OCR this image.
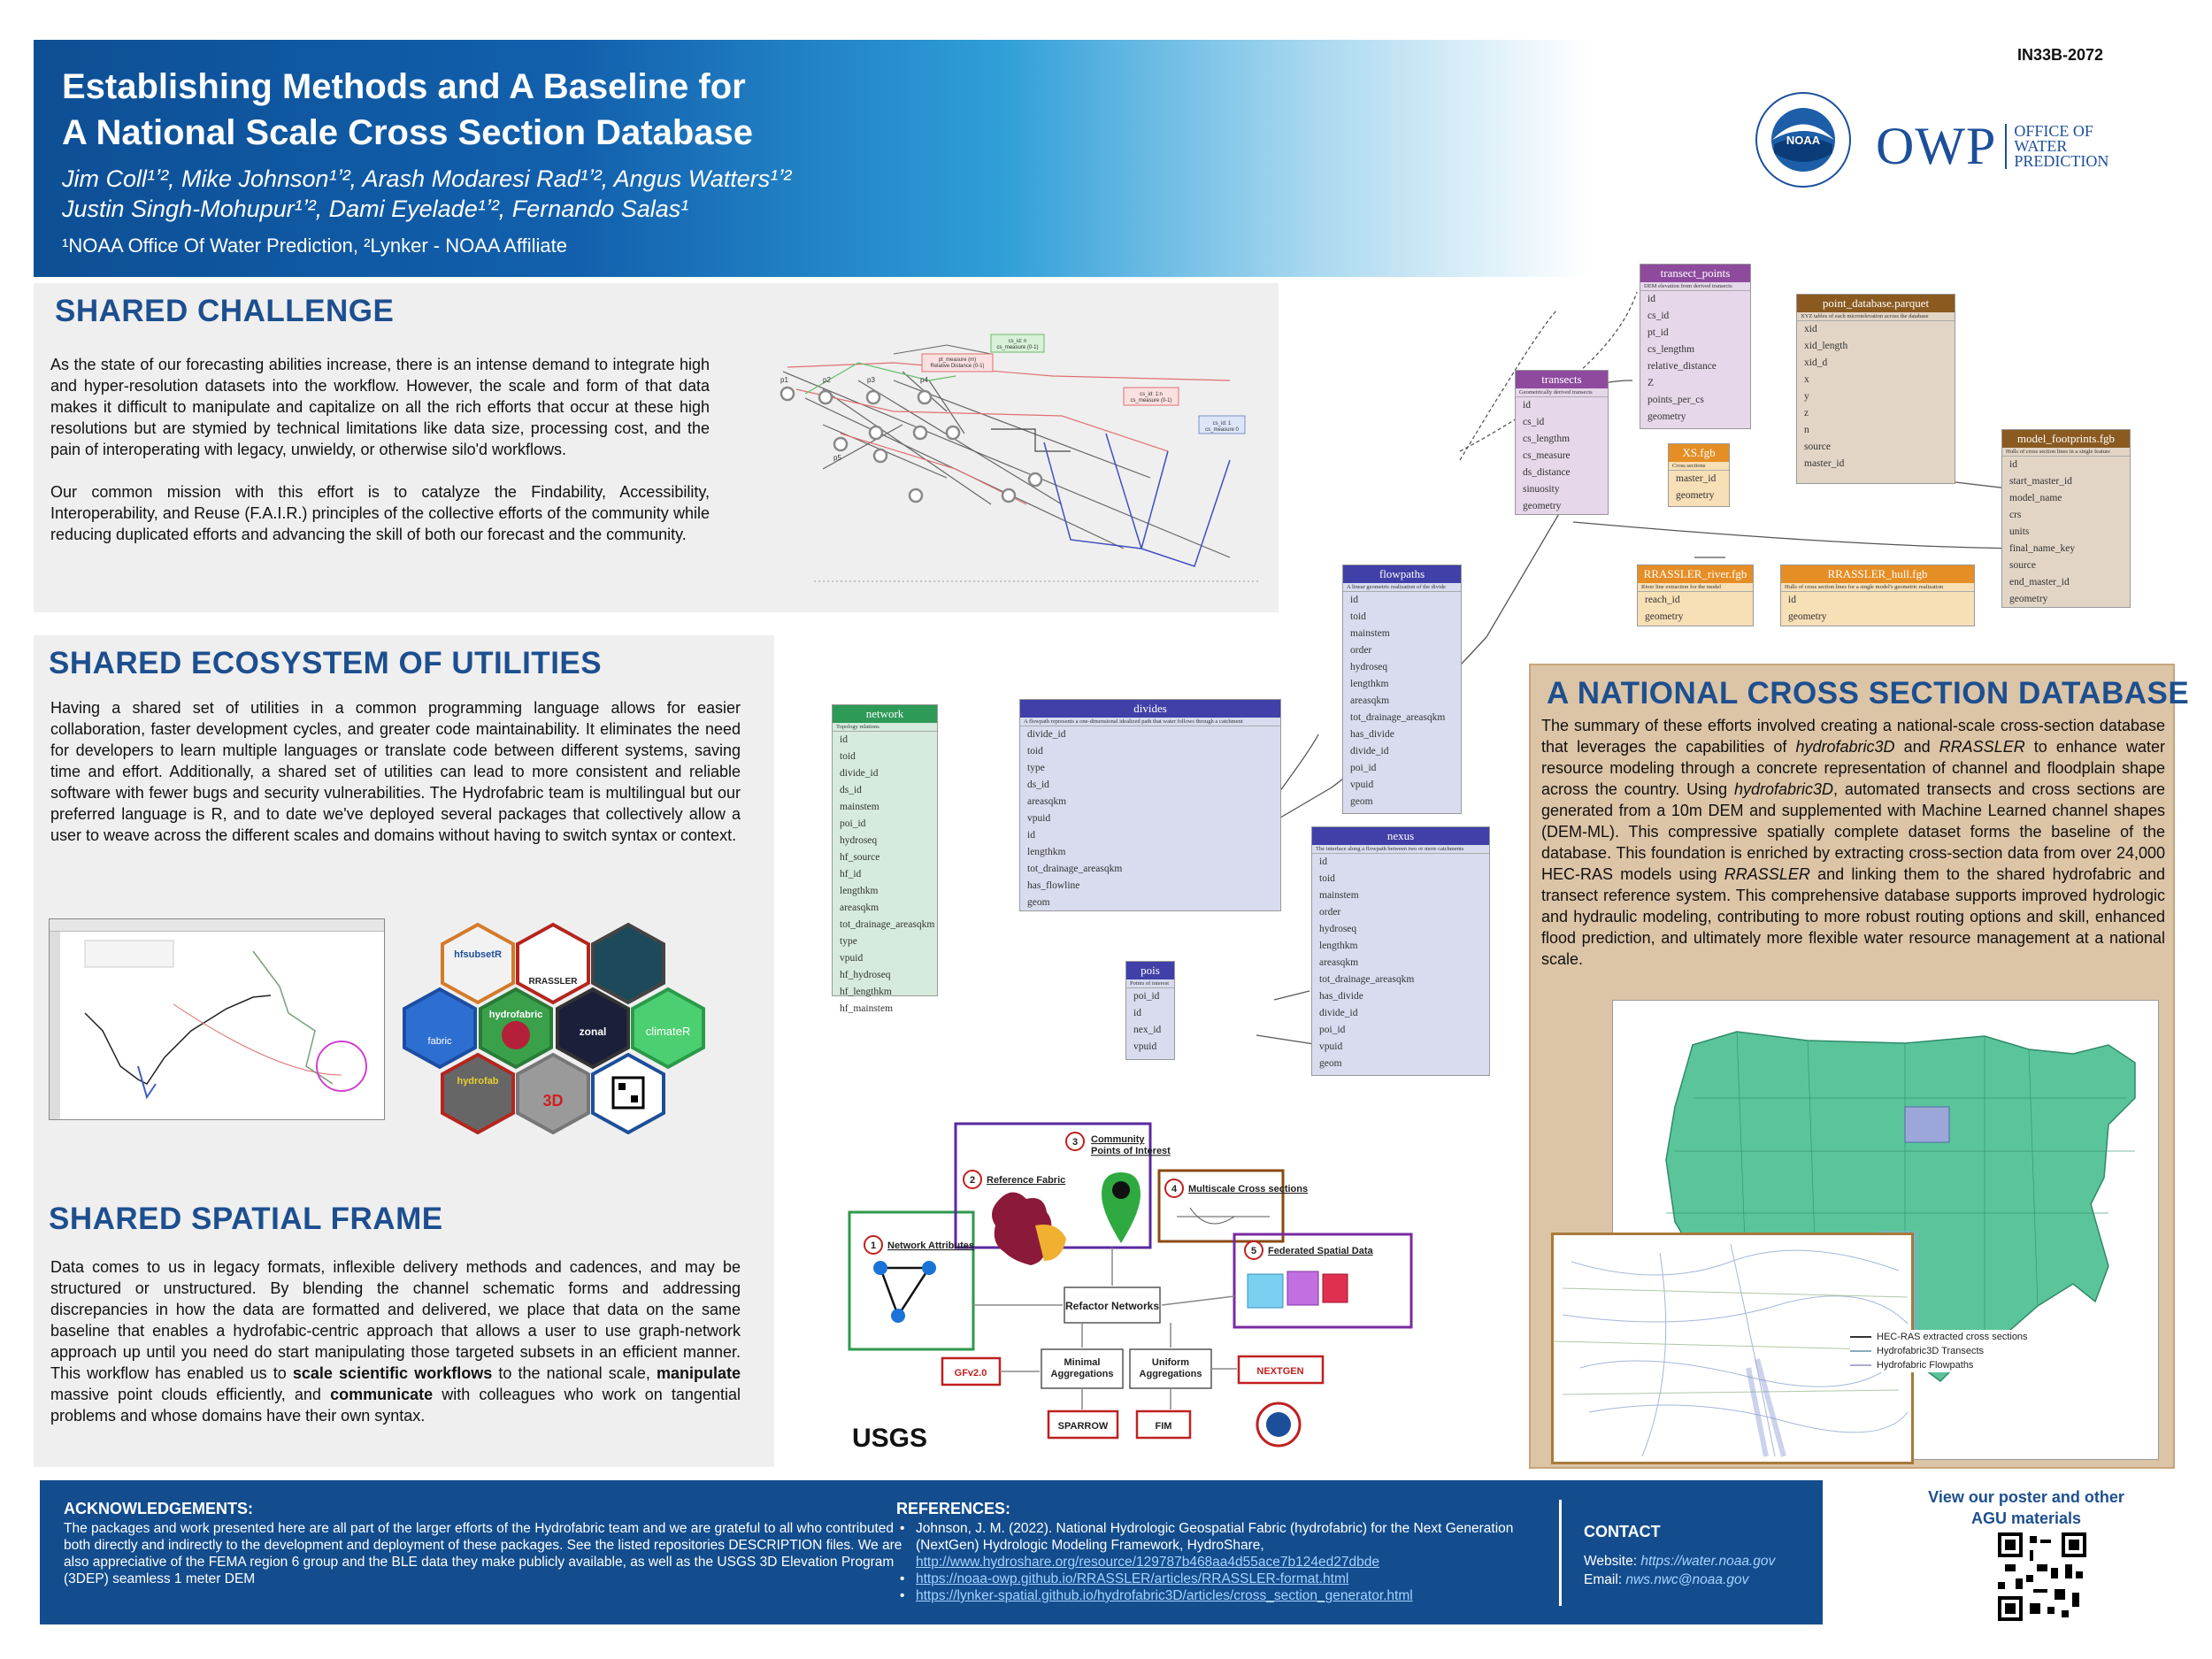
Establishing Methods and A Baseline for
A National Scale Cross Section Database
Jim Coll¹ʼ², Mike Johnson¹ʼ², Arash Modaresi Rad¹ʼ², Angus Watters¹ʼ²
Justin Singh-Mohupur¹ʼ², Dami Eyelade¹ʼ², Fernando Salas¹
¹NOAA Office Of Water Prediction, ²Lynker - NOAA Affiliate
IN33B-2072
NOAA OWP OFFICE OF
WATER
PREDICTION
SHARED CHALLENGE

As the state of our forecasting abilities increase, there is an intense demand to integrate high and hyper-resolution datasets into the workflow. However, the scale and form of that data makes it difficult to manipulate and capitalize on all the rich efforts that occur at these high resolutions but are stymied by technical limitations like data size, processing cost, and the pain of interoperating with legacy, unwieldy, or otherwise silo'd workflows.

Our common mission with this effort is to catalyze the Findability, Accessibility, Interoperability, and Reuse (F.A.I.R.) principles of the collective efforts of the community while reducing duplicated efforts and advancing the skill of both our forecast and the community.

p1	p2	p3	p4
p5
pt_measure (m) Relative Distance (0-1)
cs_id: n cs_measure (0-1)
cs_id: 1:n cs_measure (0-1)
cs_id: 1 cs_measure 0
SHARED ECOSYSTEM OF UTILITIES

Having a shared set of utilities in a common programming language allows for easier collaboration, faster development cycles, and greater code maintainability. It eliminates the need for developers to learn multiple languages or translate code between different systems, saving time and effort. Additionally, a shared set of utilities can lead to more consistent and reliable software with fewer bugs and security vulnerabilities. The Hydrofabric team is multilingual but our preferred language is R, and to date we've deployed several packages that collectively allow a user to weave across the different scales and domains without having to switch syntax or context.

hfsubsetR
RRASSLER
fabric
hydrofabric
zonal	climateR
hydrofab
3D
SHARED SPATIAL FRAME

Data comes to us in legacy formats, inflexible delivery methods and cadences, and may be structured or unstructured. By blending the channel schematic forms and addressing discrepancies in how the data are formatted and delivered, we place that data on the same baseline that enables a hydrofabic-centric approach that allows a user to use graph-network approach up until you need do start manipulating those targeted subsets in an efficient manner. This workflow has enabled us to scale scientific workflows to the national scale, manipulate massive point clouds efficiently, and communicate with colleagues who work on tangential problems and whose domains have their own syntax.

transect_points
DEM elevation from derived transects
id
cs_id
pt_id
cs_lengthm
relative_distance
Z
points_per_cs
geometry
point_database.parquet
XYZ tables of each microtelevation across the database
xid
xid_length
xid_d
x
y
z
n
source
master_id
transects
Geometrically derived transects
id
cs_id
cs_lengthm
cs_measure
ds_distance
sinuosity
geometry
XS.fgb
Cross sections
master_id
geometry
model_footprints.fgb
Hulls of cross section lines in a single feature
id
start_master_id
model_name
crs
units
final_name_key
source
end_master_id
geometry
flowpaths
A linear geometric realization of the divide
id
toid
mainstem
order
hydroseq
lengthkm
areasqkm
tot_drainage_areasqkm
has_divide
divide_id
poi_id
vpuid
geom
RRASSLER_river.fgb
River line extraction for the model
reach_id
geometry
RRASSLER_hull.fgb
Hulls of cross section lines for a single model's geometric realization
id
geometry
network
Topology relations
id
toid
divide_id
ds_id
mainstem
poi_id
hydroseq
hf_source
hf_id
lengthkm
areasqkm
tot_drainage_areasqkm
type
vpuid
hf_hydroseq
hf_lengthkm
hf_mainstem
divides
A flowpath represents a one-dimensional idealized path that water follows through a catchment
divide_id
toid
type
ds_id
areasqkm
vpuid
id
lengthkm
tot_drainage_areasqkm
has_flowline
geom
nexus
The interface along a flowpath between two or more catchments
id
toid
mainstem
order
hydroseq
lengthkm
areasqkm
tot_drainage_areasqkm
has_divide
divide_id
poi_id
vpuid
geom
pois
Points of interest
poi_id
id
nex_id
vpuid
1 Network Attributes
2 Reference Fabric
3 Community Points of Interest
4 Multiscale Cross sections
5 Federated Spatial Data
Refactor Networks
Minimal Aggregations
Uniform Aggregations
GFv2.0	NEXTGEN
SPARROW	FIM
USGS
A NATIONAL CROSS SECTION DATABASE

The summary of these efforts involved creating a national-scale cross-section database that leverages the capabilities of hydrofabric3D and RRASSLER to enhance water resource modeling through a concrete representation of channel and floodplain shape across the country. Using hydrofabric3D, automated transects and cross sections are generated from a 10m DEM and supplemented with Machine Learned channel shapes (DEM-ML). This compressive spatially complete dataset forms the baseline of the database. This foundation is enriched by extracting cross-section data from over 24,000 HEC-RAS models using RRASSLER and linking them to the shared hydrofabric and transect reference system. This comprehensive database supports improved hydrologic and hydraulic modeling, contributing to more robust routing options and skill, enhanced flood prediction, and ultimately more flexible water resource management at a national scale.

HEC-RAS extracted cross sections
Hydrofabric3D Transects
Hydrofabric Flowpaths
ACKNOWLEDGEMENTS:
The packages and work presented here are all part of the larger efforts of the Hydrofabric team and we are grateful to all who contributed both directly and indirectly to the development and deployment of these packages. See the listed repositories DESCRIPTION files. We are also appreciative of the FEMA region 6 group and the BLE data they make publicly available, as well as the USGS 3D Elevation Program (3DEP) seamless 1 meter DEM
REFERENCES:
• Johnson, J. M. (2022). National Hydrologic Geospatial Fabric (hydrofabric) for the Next Generation (NextGen) Hydrologic Modeling Framework, HydroShare,
http://www.hydroshare.org/resource/129787b468aa4d55ace7b124ed27dbde
• https://noaa-owp.github.io/RRASSLER/articles/RRASSLER-format.html
• https://lynker-spatial.github.io/hydrofabric3D/articles/cross_section_generator.html
CONTACT
Website: https://water.noaa.gov
Email: nws.nwc@noaa.gov
View our poster and other
AGU materials
